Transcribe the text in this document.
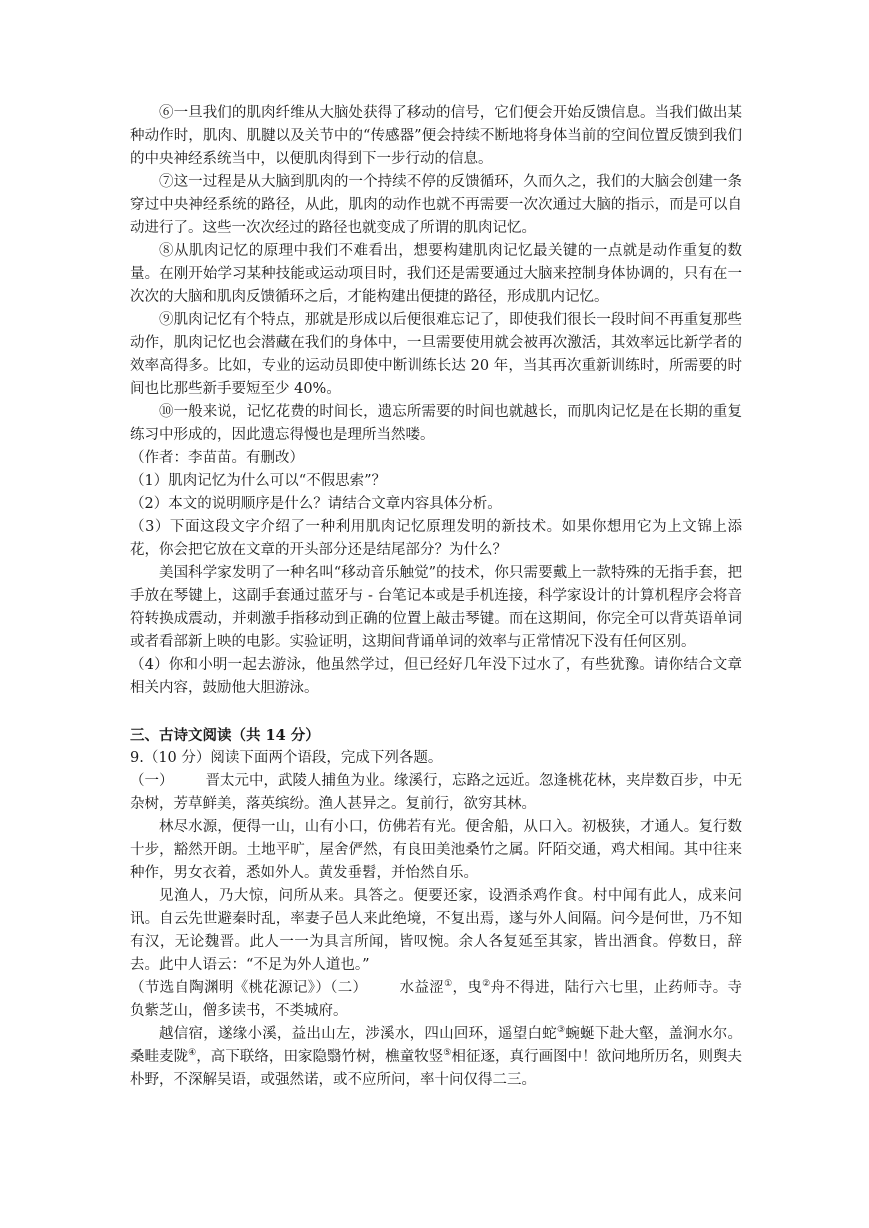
⑥一旦我们的肌肉纤维从大脑处获得了移动的信号，它们便会开始反馈信息。当我们做出某种动作时，肌肉、肌腱以及关节中的“传感器”便会持续不断地将身体当前的空间位置反馈到我们的中央神经系统当中，以便肌肉得到下一步行动的信息。

⑦这一过程是从大脑到肌肉的一个持续不停的反馈循环，久而久之，我们的大脑会创建一条穿过中央神经系统的路径，从此，肌肉的动作也就不再需要一次次通过大脑的指示，而是可以自动进行了。这些一次次经过的路径也就变成了所谓的肌肉记忆。

⑧从肌肉记忆的原理中我们不难看出，想要构建肌肉记忆最关键的一点就是动作重复的数量。在刚开始学习某种技能或运动项目时，我们还是需要通过大脑来控制身体协调的，只有在一次次的大脑和肌肉反馈循环之后，才能构建出便捷的路径，形成肌内记忆。

⑨肌肉记忆有个特点，那就是形成以后便很难忘记了，即使我们很长一段时间不再重复那些动作，肌肉记忆也会潜藏在我们的身体中，一旦需要使用就会被再次激活，其效率远比新学者的效率高得多。比如，专业的运动员即使中断训练长达 20 年，当其再次重新训练时，所需要的时间也比那些新手要短至少 40%。

⑩一般来说，记忆花费的时间长，遗忘所需要的时间也就越长，而肌肉记忆是在长期的重复练习中形成的，因此遗忘得慢也是理所当然喽。

（作者：李苗苗。有删改）

（1）肌肉记忆为什么可以“不假思索”？

（2）本文的说明顺序是什么？请结合文章内容具体分析。

（3）下面这段文字介绍了一种利用肌肉记忆原理发明的新技术。如果你想用它为上文锦上添花，你会把它放在文章的开头部分还是结尾部分？为什么？

美国科学家发明了一种名叫“移动音乐触觉”的技术，你只需要戴上一款特殊的无指手套，把手放在琴键上，这副手套通过蓝牙与 - 台笔记本或是手机连接，科学家设计的计算机程序会将音符转换成震动，并刺激手指移动到正确的位置上敲击琴键。而在这期间，你完全可以背英语单词或者看部新上映的电影。实验证明，这期间背诵单词的效率与正常情况下没有任何区别。

（4）你和小明一起去游泳，他虽然学过，但已经好几年没下过水了，有些犹豫。请你结合文章相关内容，鼓励他大胆游泳。

三、古诗文阅读（共 14 分）

9.（10 分）阅读下面两个语段，完成下列各题。

（一） 晋太元中，武陵人捕鱼为业。缘溪行，忘路之远近。忽逢桃花林，夹岸数百步，中无杂树，芳草鲜美，落英缤纷。渔人甚异之。复前行，欲穷其林。

林尽水源，便得一山，山有小口，仿佛若有光。便舍船，从口入。初极狭，才通人。复行数十步，豁然开朗。土地平旷，屋舍俨然，有良田美池桑竹之属。阡陌交通，鸡犬相闻。其中往来种作，男女衣着，悉如外人。黄发垂髫，并怡然自乐。

见渔人，乃大惊，问所从来。具答之。便要还家，设酒杀鸡作食。村中闻有此人，成来问讯。自云先世避秦时乱，率妻子邑人来此绝境，不复出焉，遂与外人间隔。问今是何世，乃不知有汉，无论魏晋。此人一一为具言所闻，皆叹惋。余人各复延至其家，皆出酒食。停数日，辞去。此中人语云：“不足为外人道也。”

（节选自陶渊明《桃花源记》）（二） 水益涩①，曳②舟不得进，陆行六七里，止药师寺。寺负紫芝山，僧多读书，不类城府。

越信宿，遂缘小溪，益出山左，涉溪水，四山回环，遥望白蛇③蜿蜒下赴大壑，盖涧水尔。桑畦麦陇④，高下联络，田家隐翳竹树，樵童牧竖⑤相征逐，真行画图中！欲问地所历名，则舆夫朴野，不深解吴语，或强然诺，或不应所问，率十问仅得二三。
